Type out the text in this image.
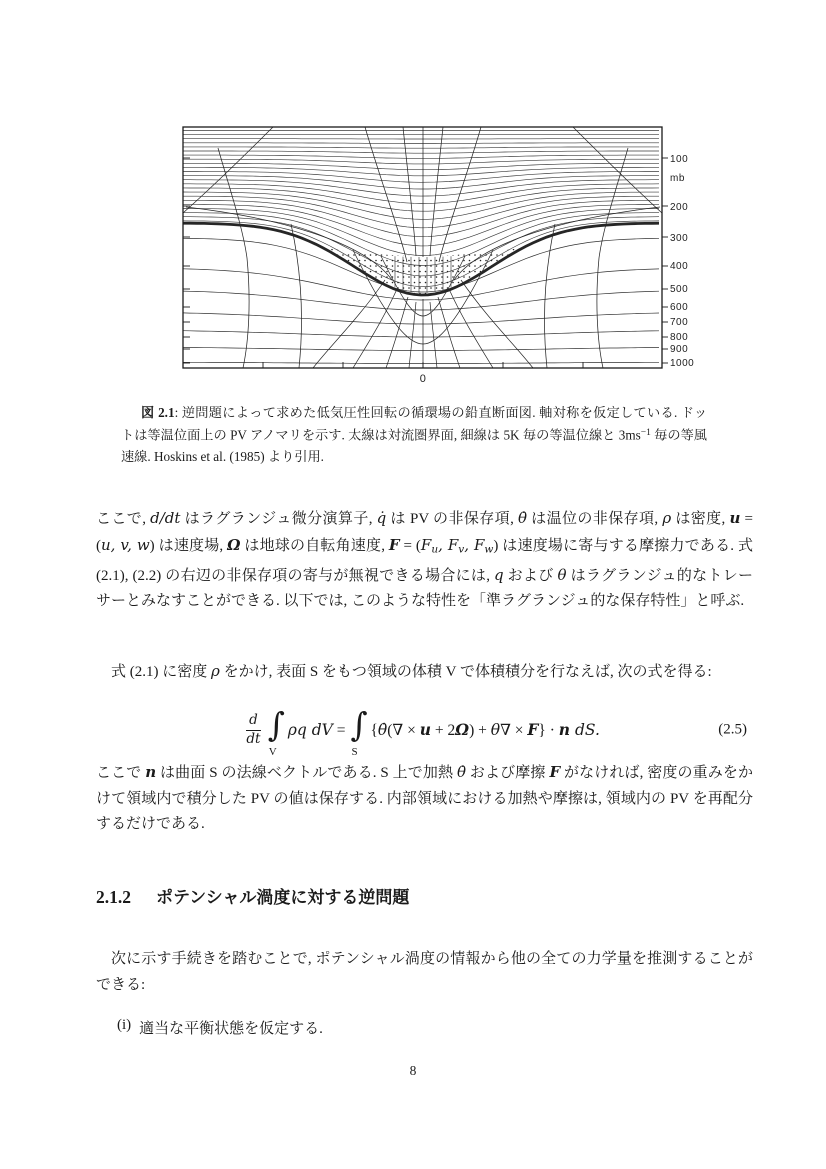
100
mb
200
300
400
500
600
700
800
900
1000
0
図 2.1: 逆問題によって求めた低気圧性回転の循環場の鉛直断面図. 軸対称を仮定している. ドットは等温位面上の PV アノマリを示す. 太線は対流圏界面, 細線は 5K 毎の等温位線と $3ms^{-1}$ 毎の等風速線. Hoskins et al. (1985) より引用.
ここで, d/dt はラグランジュ微分演算子, q̇ は PV の非保存項, θ̇ は温位の非保存項, ρ は密度, u = (u, v, w) は速度場, Ω は地球の自転角速度, F = (Fu, Fv, Fw) は速度場に寄与する摩擦力である. 式 (2.1), (2.2) の右辺の非保存項の寄与が無視できる場合には, q および θ はラグランジュ的なトレーサーとみなすことができる. 以下では, このような特性を「準ラグランジュ的な保存特性」と呼ぶ.
式 (2.1) に密度 ρ をかけ, 表面 S をもつ領域の体積 V で体積積分を行なえば, 次の式を得る:
$\frac{d}{dt}$ ∫
V
ρq dV = ∫
S
{θ̇(∇ × u + 2Ω) + θ∇ × F} · n dS.	(2.5)
ここで n は曲面 S の法線ベクトルである. S 上で加熱 θ̇ および摩擦 F がなければ, 密度の重みをかけて領域内で積分した PV の値は保存する. 内部領域における加熱や摩擦は, 領域内の PV を再配分するだけである.
2.1.2 ポテンシャル渦度に対する逆問題
次に示す手続きを踏むことで, ポテンシャル渦度の情報から他の全ての力学量を推測することができる:
(i) 適当な平衡状態を仮定する.
8
